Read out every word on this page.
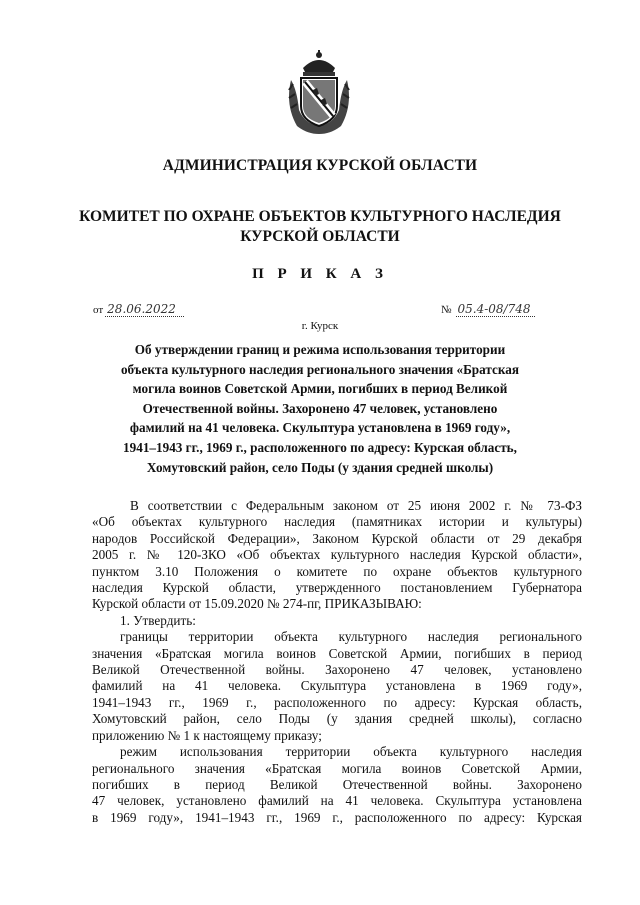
АДМИНИСТРАЦИЯ КУРСКОЙ ОБЛАСТИ
КОМИТЕТ ПО ОХРАНЕ ОБЪЕКТОВ КУЛЬТУРНОГО НАСЛЕДИЯ
КУРСКОЙ ОБЛАСТИ
П Р И К А З
от 28.06.2022	№ 05.4-08/748
г. Курск
Об утверждении границ и режима использования территории
объекта культурного наследия регионального значения «Братская
могила воинов Советской Армии, погибших в период Великой
Отечественной войны. Захоронено 47 человек, установлено
фамилий на 41 человека. Скульптура установлена в 1969 году»,
1941–1943 гг., 1969 г., расположенного по адресу: Курская область,
Хомутовский район, село Поды (у здания средней школы)
В соответствии с Федеральным законом от 25 июня 2002 г. № 73-ФЗ
«Об объектах культурного наследия (памятниках истории и культуры)
народов Российской Федерации», Законом Курской области от 29 декабря
2005 г. № 120-ЗКО «Об объектах культурного наследия Курской области»,
пунктом 3.10 Положения о комитете по охране объектов культурного
наследия Курской области, утвержденного постановлением Губернатора
Курской области от 15.09.2020 № 274-пг, ПРИКАЗЫВАЮ:
1. Утвердить:
границы территории объекта культурного наследия регионального
значения «Братская могила воинов Советской Армии, погибших в период
Великой Отечественной войны. Захоронено 47 человек, установлено
фамилий на 41 человека. Скульптура установлена в 1969 году»,
1941–1943 гг., 1969 г., расположенного по адресу: Курская область,
Хомутовский район, село Поды (у здания средней школы), согласно
приложению № 1 к настоящему приказу;
режим использования территории объекта культурного наследия
регионального значения «Братская могила воинов Советской Армии,
погибших в период Великой Отечественной войны. Захоронено
47 человек, установлено фамилий на 41 человека. Скульптура установлена
в 1969 году», 1941–1943 гг., 1969 г., расположенного по адресу: Курская
